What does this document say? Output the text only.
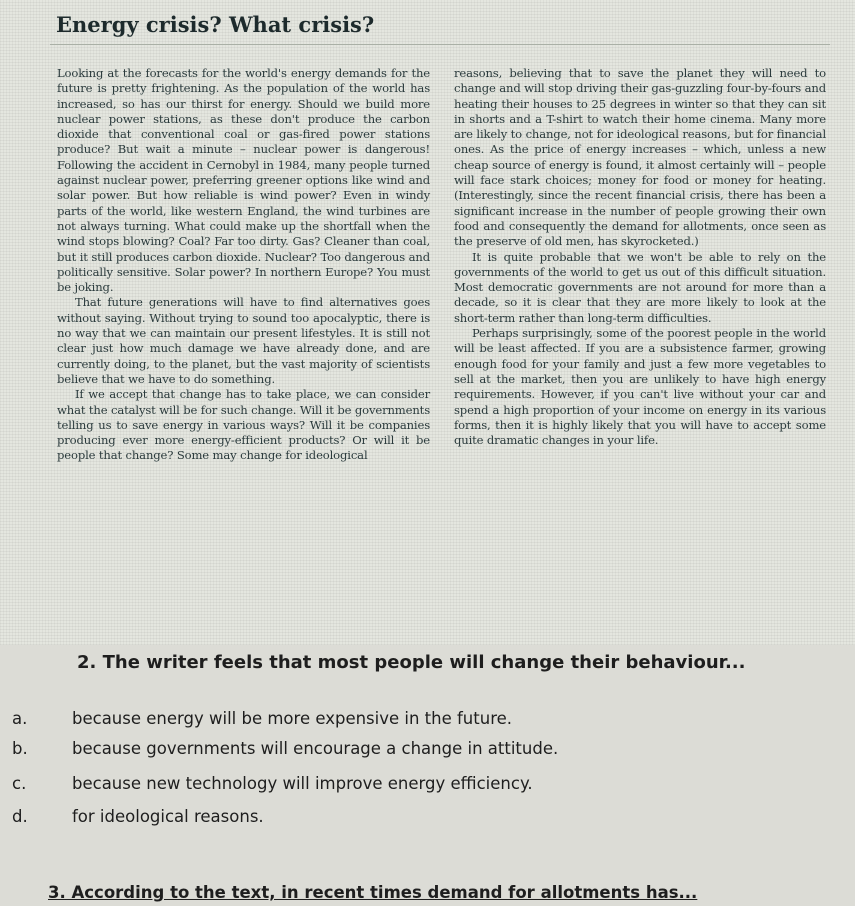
Energy crisis? What crisis?

Looking at the forecasts for the world's energy demands for the future is pretty frightening. As the population of the world has increased, so has our thirst for energy. Should we build more nuclear power stations, as these don't produce the carbon dioxide that conventional coal or gas-fired power stations produce? But wait a minute – nuclear power is dangerous! Following the accident in Cernobyl in 1984, many people turned against nuclear power, preferring greener options like wind and solar power. But how reliable is wind power? Even in windy parts of the world, like western England, the wind turbines are not always turning. What could make up the shortfall when the wind stops blowing? Coal? Far too dirty. Gas? Cleaner than coal, but it still produces carbon dioxide. Nuclear? Too dangerous and politically sensitive. Solar power? In northern Europe? You must be joking.

That future generations will have to find alternatives goes without saying. Without trying to sound too apocalyptic, there is no way that we can maintain our present lifestyles. It is still not clear just how much damage we have already done, and are currently doing, to the planet, but the vast majority of scientists believe that we have to do something.

If we accept that change has to take place, we can consider what the catalyst will be for such change. Will it be governments telling us to save energy in various ways? Will it be companies producing ever more energy-efficient products? Or will it be people that change? Some may change for ideological

reasons, believing that to save the planet they will need to change and will stop driving their gas-guzzling four-by-fours and heating their houses to 25 degrees in winter so that they can sit in shorts and a T-shirt to watch their home cinema. Many more are likely to change, not for ideological reasons, but for financial ones. As the price of energy increases – which, unless a new cheap source of energy is found, it almost certainly will – people will face stark choices; money for food or money for heating. (Interestingly, since the recent financial crisis, there has been a significant increase in the number of people growing their own food and consequently the demand for allotments, once seen as the preserve of old men, has skyrocketed.)

It is quite probable that we won't be able to rely on the governments of the world to get us out of this difficult situation. Most democratic governments are not around for more than a decade, so it is clear that they are more likely to look at the short-term rather than long-term difficulties.

Perhaps surprisingly, some of the poorest people in the world will be least affected. If you are a subsistence farmer, growing enough food for your family and just a few more vegetables to sell at the market, then you are unlikely to have high energy requirements. However, if you can't live without your car and spend a high proportion of your income on energy in its various forms, then it is highly likely that you will have to accept some quite dramatic changes in your life.

2. The writer feels that most people will change their behaviour...
a.	because energy will be more expensive in the future.
b.	because governments will encourage a change in attitude.
c.	because new technology will improve energy efficiency.
d.	for ideological reasons.
3. According to the text, in recent times demand for allotments has...
